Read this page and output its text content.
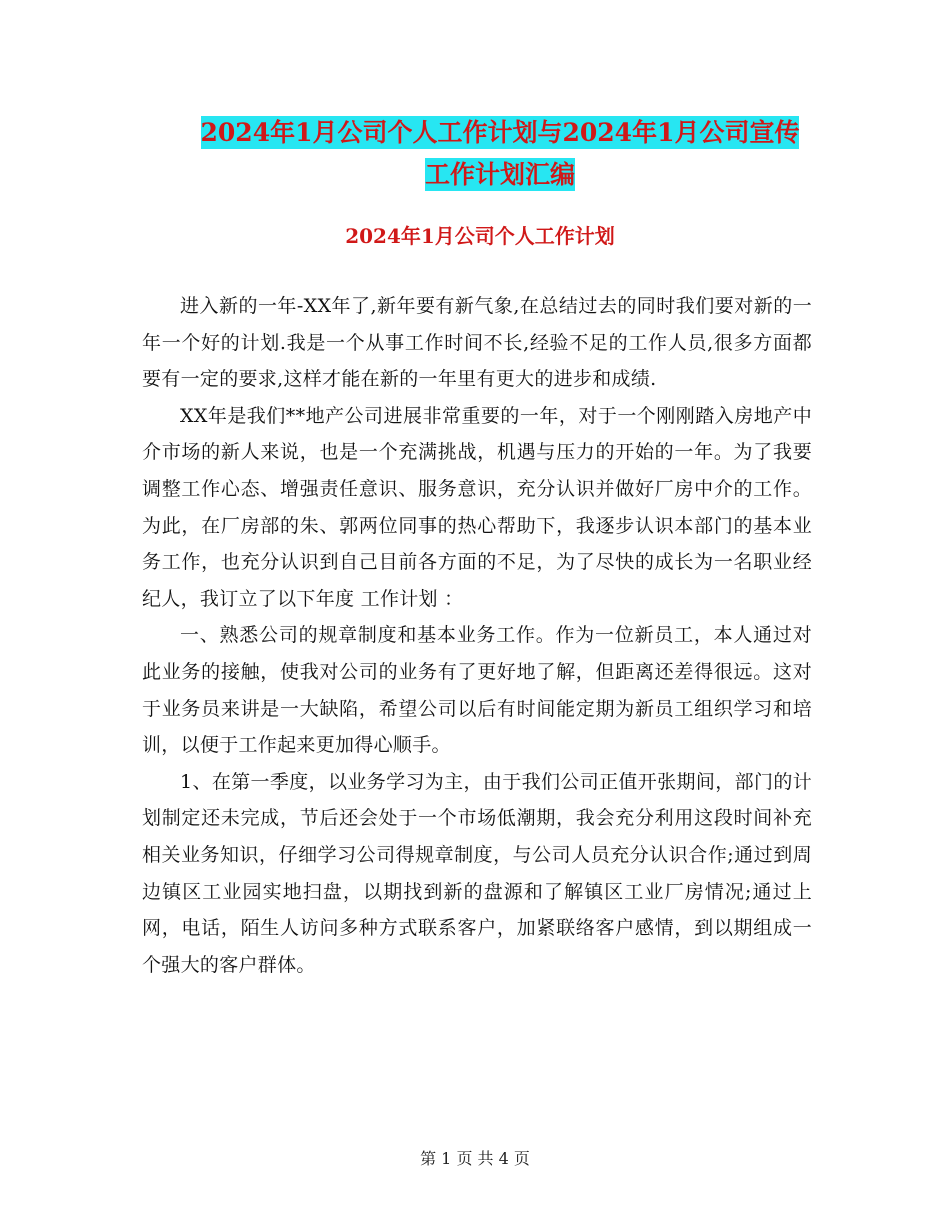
2024年1月公司个人工作计划与2024年1月公司宣传
工作计划汇编
2024年1月公司个人工作计划

进入新的一年-XX年了,新年要有新气象,在总结过去的同时我们要对新的一年一个好的计划.我是一个从事工作时间不长,经验不足的工作人员,很多方面都要有一定的要求,这样才能在新的一年里有更大的进步和成绩.

XX年是我们**地产公司进展非常重要的一年，对于一个刚刚踏入房地产中介市场的新人来说，也是一个充满挑战，机遇与压力的开始的一年。为了我要调整工作心态、增强责任意识、服务意识，充分认识并做好厂房中介的工作。为此，在厂房部的朱、郭两位同事的热心帮助下，我逐步认识本部门的基本业务工作，也充分认识到自己目前各方面的不足，为了尽快的成长为一名职业经纪人，我订立了以下年度 工作计划 ：

一、熟悉公司的规章制度和基本业务工作。作为一位新员工，本人通过对此业务的接触，使我对公司的业务有了更好地了解，但距离还差得很远。这对于业务员来讲是一大缺陷，希望公司以后有时间能定期为新员工组织学习和培训，以便于工作起来更加得心顺手。

1、在第一季度，以业务学习为主，由于我们公司正值开张期间，部门的计划制定还未完成，节后还会处于一个市场低潮期，我会充分利用这段时间补充相关业务知识，仔细学习公司得规章制度，与公司人员充分认识合作;通过到周边镇区工业园实地扫盘，以期找到新的盘源和了解镇区工业厂房情况;通过上网，电话，陌生人访问多种方式联系客户，加紧联络客户感情，到以期组成一个强大的客户群体。

第 1 页 共 4 页
